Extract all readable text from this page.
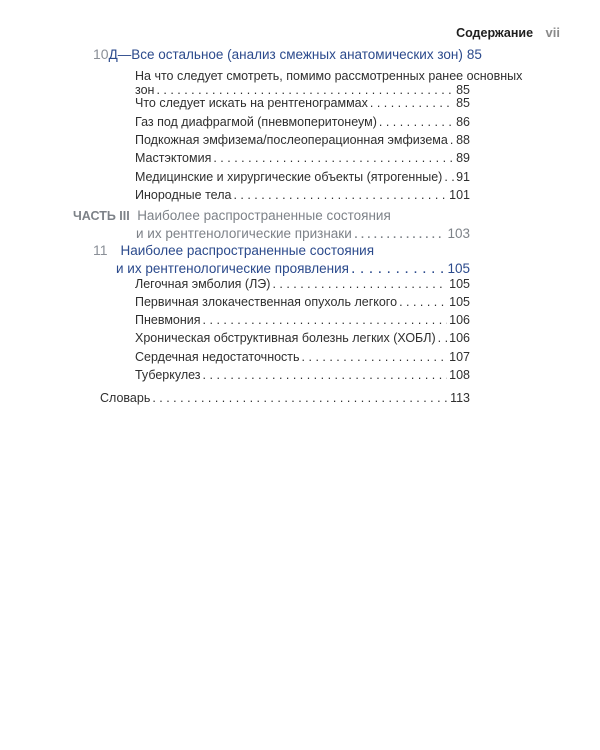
Содержание vii
10 Д—Все остальное (анализ смежных анатомических зон) 85
На что следует смотреть, помимо рассмотренных ранее основных
зон . . .	85
Что следует искать на рентгенограммах . . .	85
Газ под диафрагмой (пневмоперитонеум) . . .	86
Подкожная эмфизема/послеоперационная эмфизема . . . 88
Мастэктомия . . .	89
Медицинские и хирургические объекты (ятрогенные) . . . 91
Инородные тела . . .	101
ЧАСТЬ III Наиболее распространенные состояния
и их рентгенологические признаки .....	103
11 Наиболее распространенные состояния
и их рентгенологические проявления . . .	105
Легочная эмболия (ЛЭ) . . .	105
Первичная злокачественная опухоль легкого . . .	105
Пневмония . . .	106
Хроническая обструктивная болезнь легких (ХОБЛ) . . . 106
Сердечная недостаточность . . .	107
Туберкулез . . .	108
Словарь . . .	113
